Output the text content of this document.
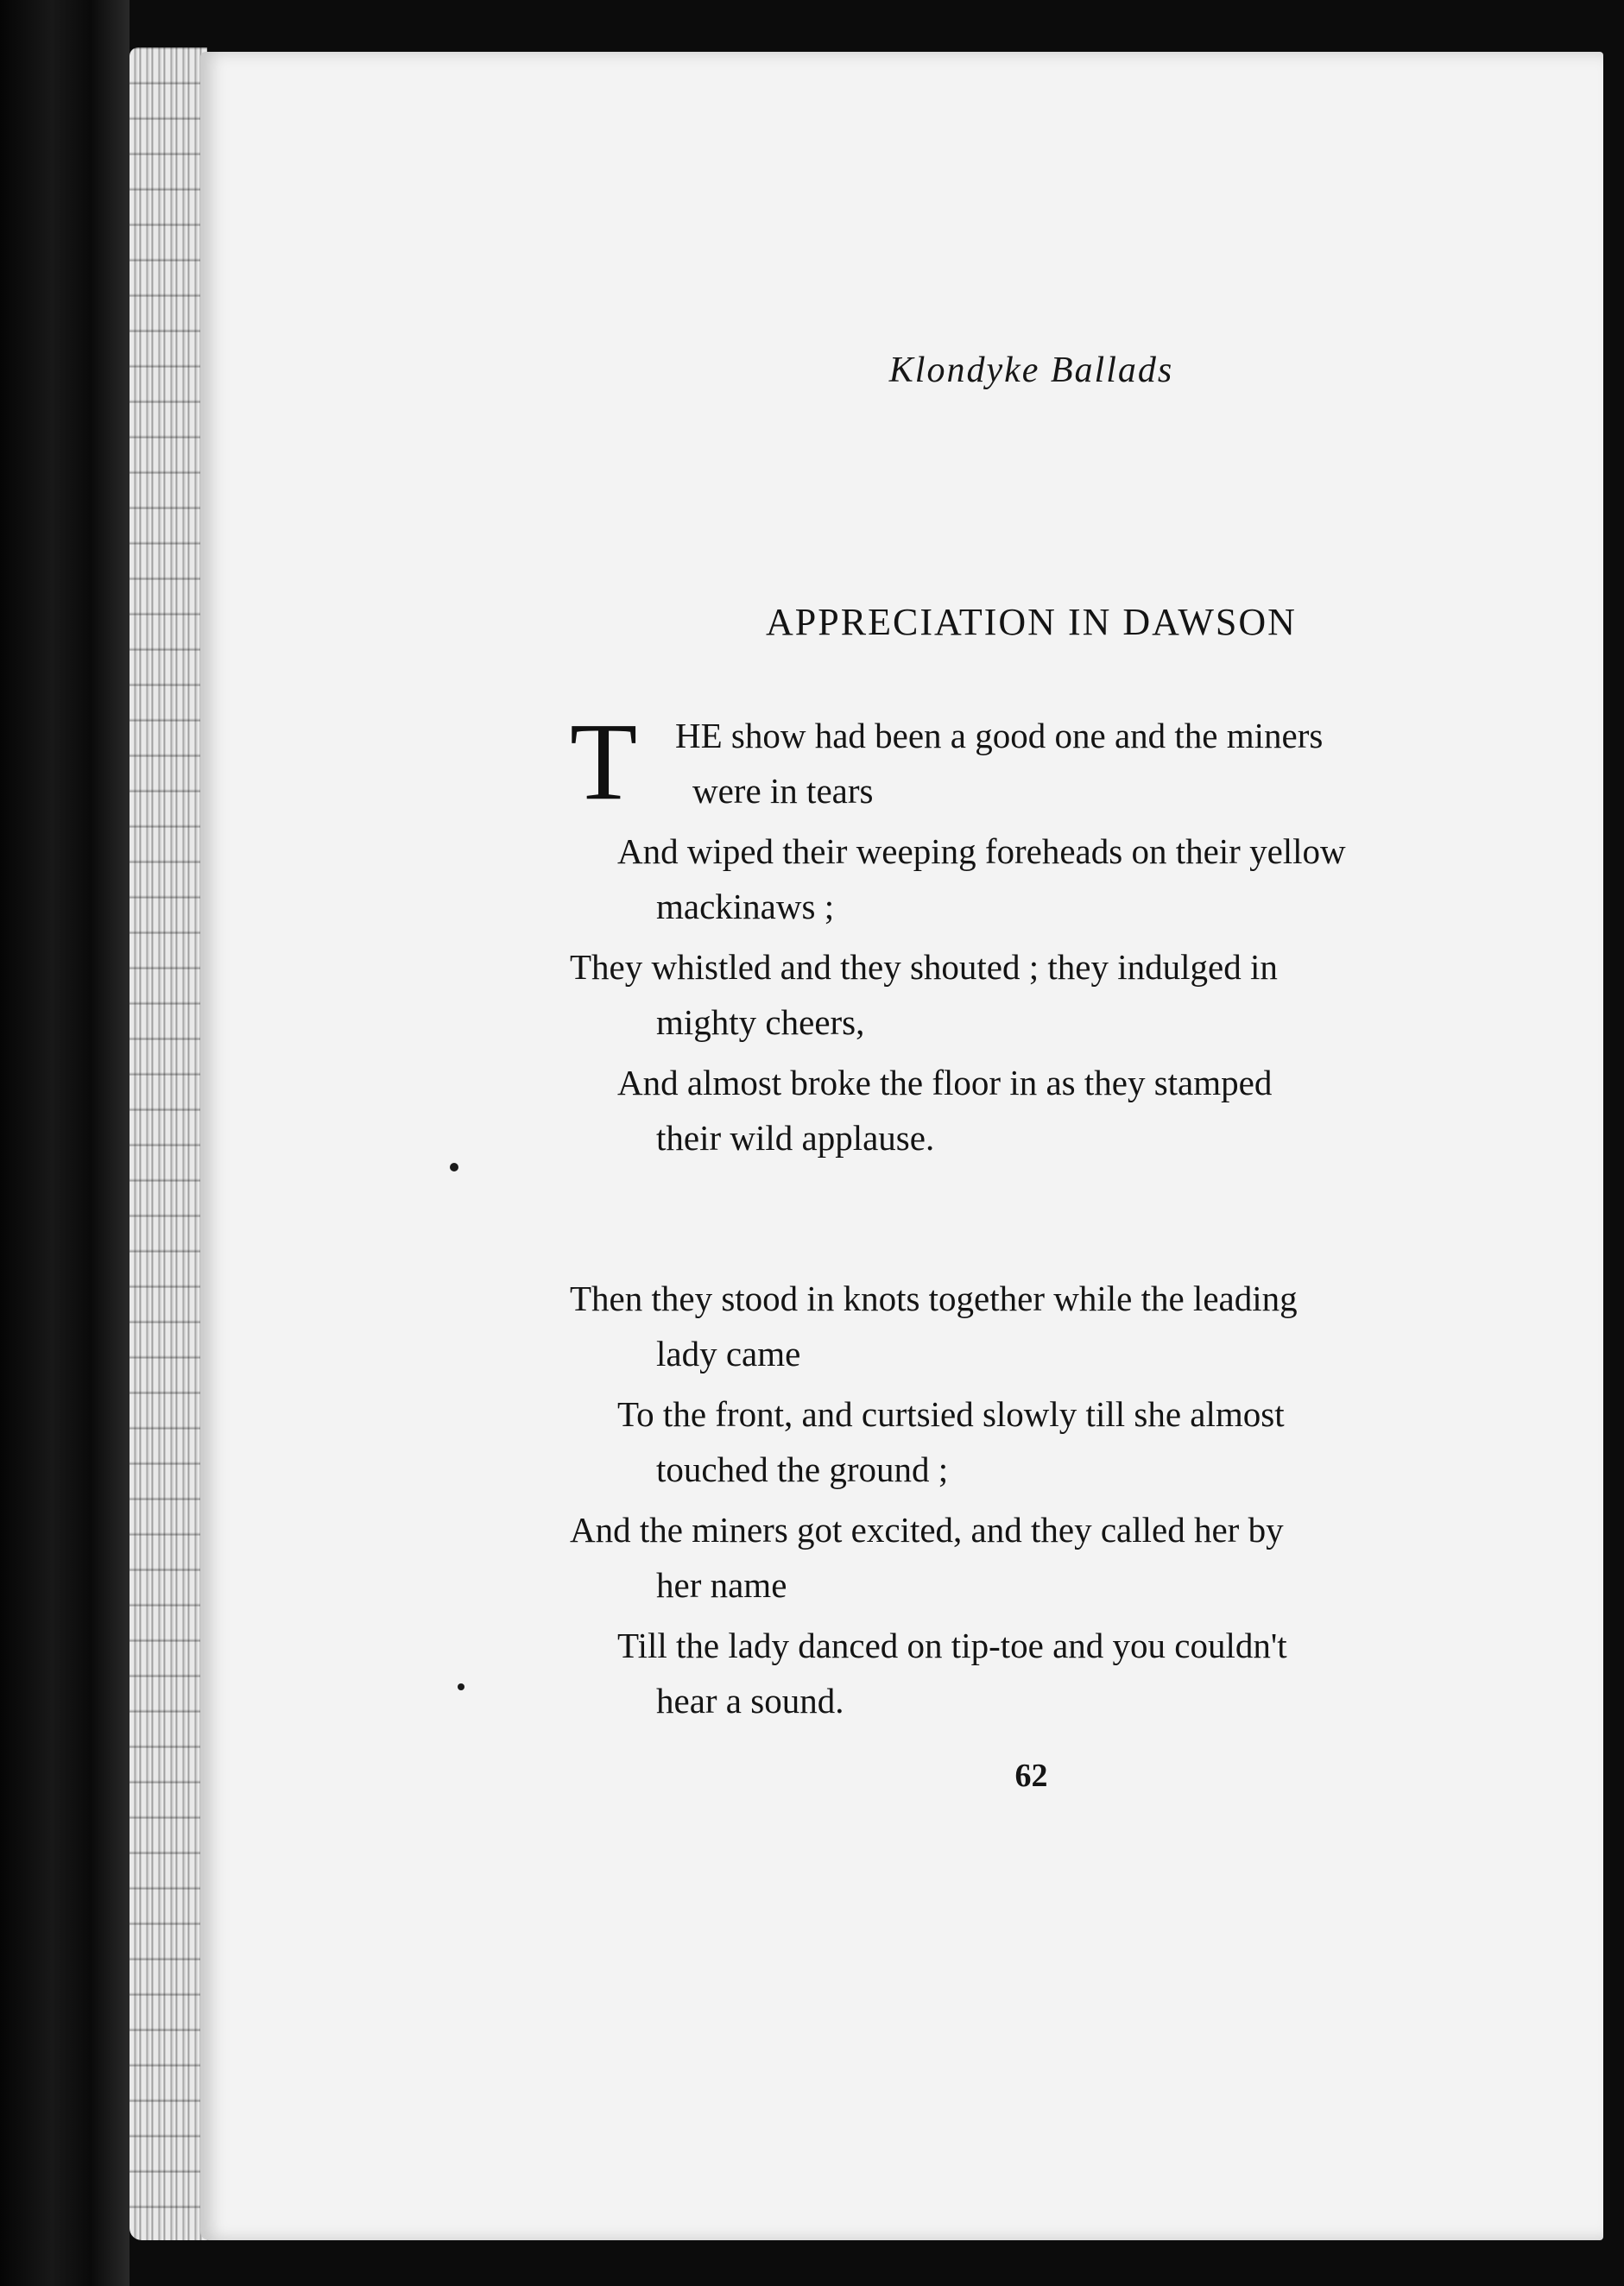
Klondyke Ballads
APPRECIATION IN DAWSON
T HE show had been a good one and the miners
were in tears
And wiped their weeping foreheads on their yellow
mackinaws ;
They whistled and they shouted ; they indulged in
mighty cheers,
And almost broke the floor in as they stamped
their wild applause.
Then they stood in knots together while the leading
lady came
To the front, and curtsied slowly till she almost
touched the ground ;
And the miners got excited, and they called her by
her name
Till the lady danced on tip-toe and you couldn't
hear a sound.
62
